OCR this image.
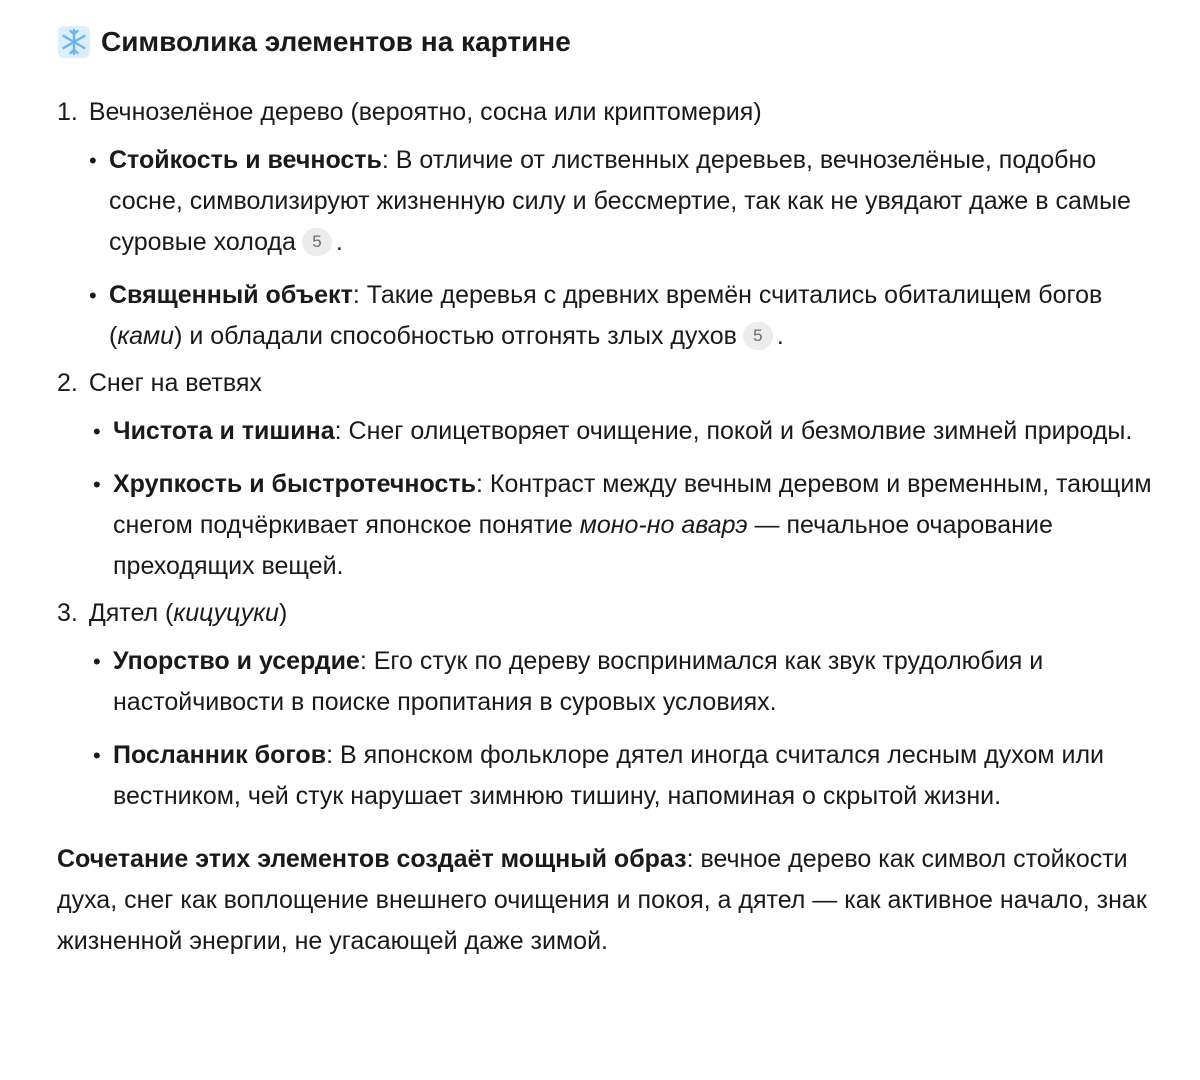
Символика элементов на картине

1. Вечнозелёное дерево (вероятно, сосна или криптомерия)

• Стойкость и вечность: В отличие от лиственных деревьев, вечнозелёные, подобно сосне, символизируют жизненную силу и бессмертие, так как не увядают даже в самые суровые холода 5 .
• Священный объект: Такие деревья с древних времён считались обиталищем богов (ками) и обладали способностью отгонять злых духов 5 .

2. Снег на ветвях

• Чистота и тишина: Снег олицетворяет очищение, покой и безмолвие зимней природы.
• Хрупкость и быстротечность: Контраст между вечным деревом и временным, тающим снегом подчёркивает японское понятие моно-но аварэ — печальное очарование преходящих вещей.

3. Дятел (кицуцуки)

• Упорство и усердие: Его стук по дереву воспринимался как звук трудолюбия и настойчивости в поиске пропитания в суровых условиях.
• Посланник богов: В японском фольклоре дятел иногда считался лесным духом или вестником, чей стук нарушает зимнюю тишину, напоминая о скрытой жизни.

Сочетание этих элементов создаёт мощный образ: вечное дерево как символ стойкости духа, снег как воплощение внешнего очищения и покоя, а дятел — как активное начало, знак жизненной энергии, не угасающей даже зимой.
